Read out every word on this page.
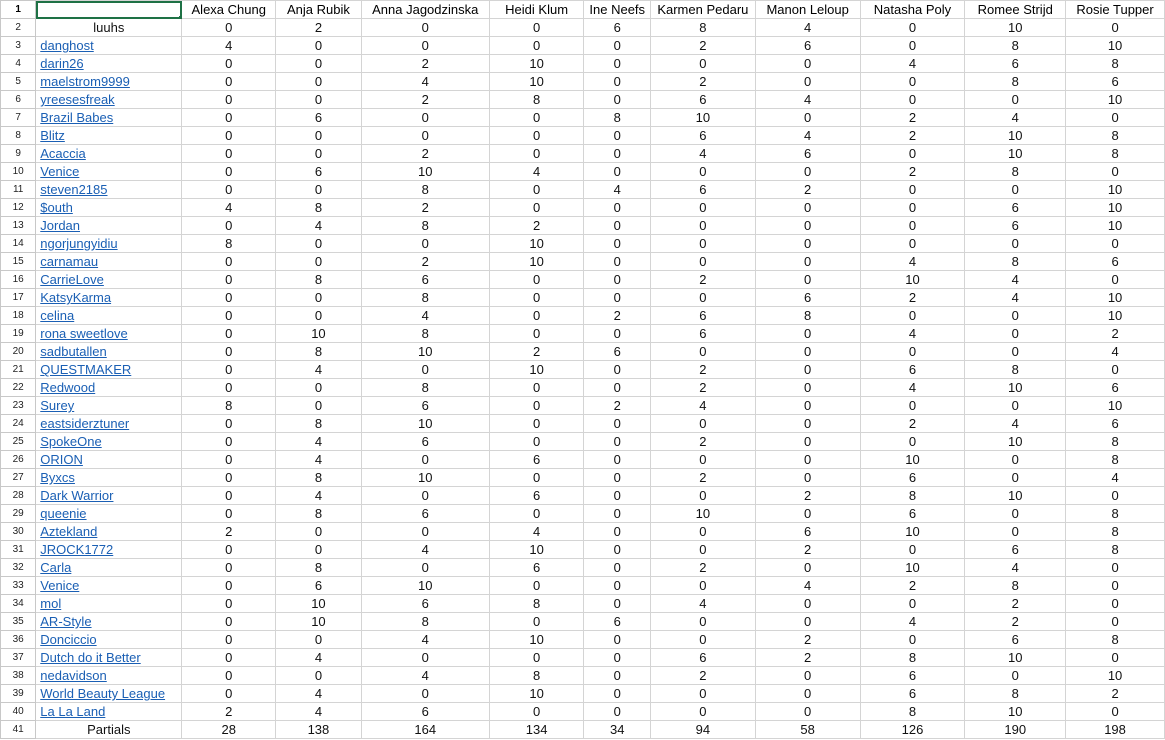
1		Alexa Chung	Anja Rubik	Anna Jagodzinska	Heidi Klum	Ine Neefs	Karmen Pedaru	Manon Leloup	Natasha Poly	Romee Strijd	Rosie Tupper
2	luuhs	0	2	0	0	6	8	4	0	10	0
3	danghost	4	0	0	0	0	2	6	0	8	10
4	darin26	0	0	2	10	0	0	0	4	6	8
5	maelstrom9999	0	0	4	10	0	2	0	0	8	6
6	yreesesfreak	0	0	2	8	0	6	4	0	0	10
7	Brazil Babes	0	6	0	0	8	10	0	2	4	0
8	Blitz	0	0	0	0	0	6	4	2	10	8
9	Acaccia	0	0	2	0	0	4	6	0	10	8
10	Venice	0	6	10	4	0	0	0	2	8	0
11	steven2185	0	0	8	0	4	6	2	0	0	10
12	$outh	4	8	2	0	0	0	0	0	6	10
13	Jordan	0	4	8	2	0	0	0	0	6	10
14	ngorjungyidiu	8	0	0	10	0	0	0	0	0	0
15	carnamau	0	0	2	10	0	0	0	4	8	6
16	CarrieLove	0	8	6	0	0	2	0	10	4	0
17	KatsyKarma	0	0	8	0	0	0	6	2	4	10
18	celina	0	0	4	0	2	6	8	0	0	10
19	rona sweetlove	0	10	8	0	0	6	0	4	0	2
20	sadbutallen	0	8	10	2	6	0	0	0	0	4
21	QUESTMAKER	0	4	0	10	0	2	0	6	8	0
22	Redwood	0	0	8	0	0	2	0	4	10	6
23	Surey	8	0	6	0	2	4	0	0	0	10
24	eastsiderztuner	0	8	10	0	0	0	0	2	4	6
25	SpokeOne	0	4	6	0	0	2	0	0	10	8
26	ORION	0	4	0	6	0	0	0	10	0	8
27	Byxcs	0	8	10	0	0	2	0	6	0	4
28	Dark Warrior	0	4	0	6	0	0	2	8	10	0
29	queenie	0	8	6	0	0	10	0	6	0	8
30	Aztekland	2	0	0	4	0	0	6	10	0	8
31	JROCK1772	0	0	4	10	0	0	2	0	6	8
32	Carla	0	8	0	6	0	2	0	10	4	0
33	Venice	0	6	10	0	0	0	4	2	8	0
34	mol	0	10	6	8	0	4	0	0	2	0
35	AR-Style	0	10	8	0	6	0	0	4	2	0
36	Donciccio	0	0	4	10	0	0	2	0	6	8
37	Dutch do it Better	0	4	0	0	0	6	2	8	10	0
38	nedavidson	0	0	4	8	0	2	0	6	0	10
39	World Beauty League	0	4	0	10	0	0	0	6	8	2
40	La La Land	2	4	6	0	0	0	0	8	10	0
41	Partials	28	138	164	134	34	94	58	126	190	198
